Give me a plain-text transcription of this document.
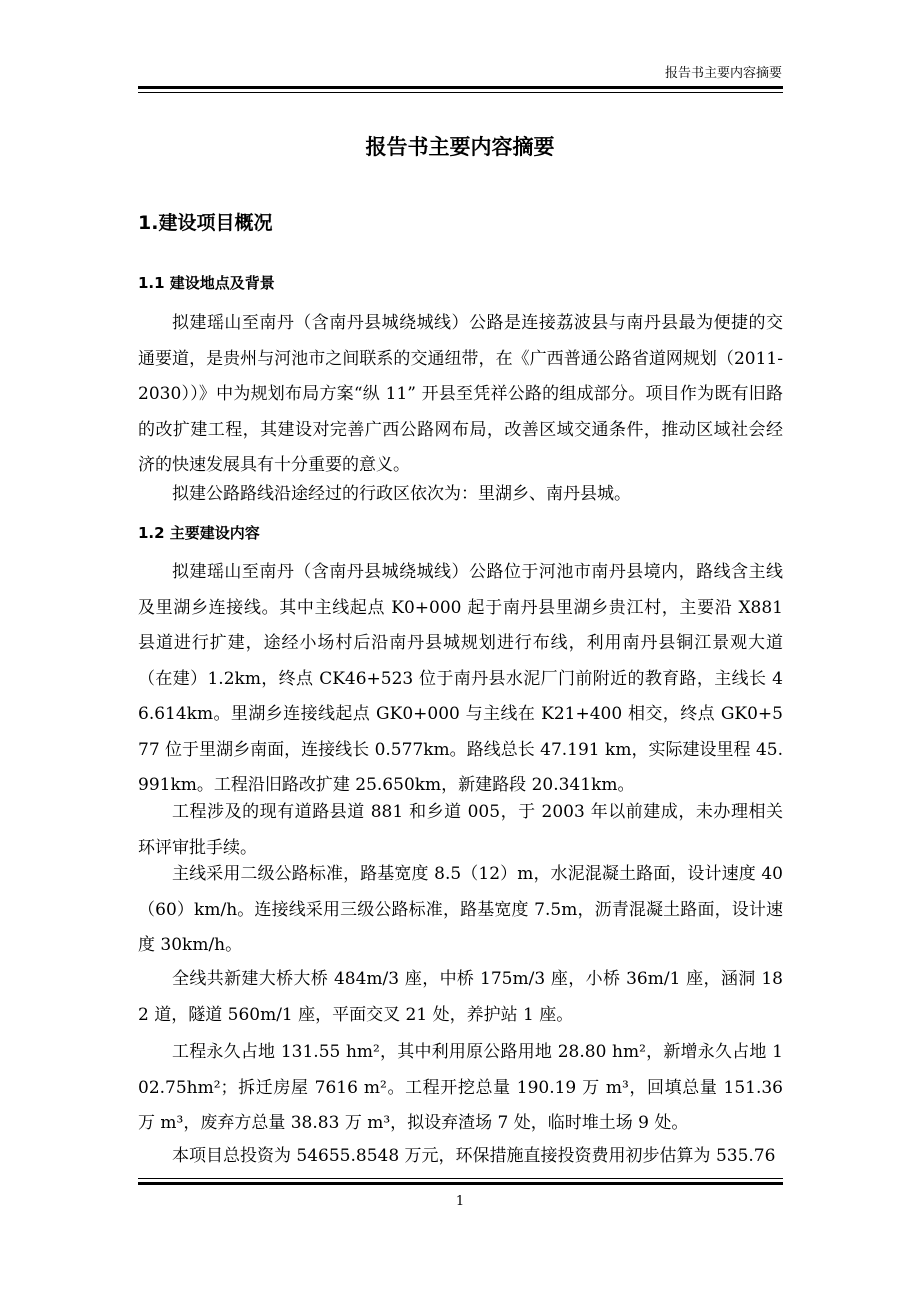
报告书主要内容摘要
报告书主要内容摘要
1.建设项目概况
1.1 建设地点及背景

拟建瑶山至南丹（含南丹县城绕城线）公路是连接荔波县与南丹县最为便捷的交通要道，是贵州与河池市之间联系的交通纽带，在《广西普通公路省道网规划（2011-2030））》中为规划布局方案“纵 11” 开县至凭祥公路的组成部分。项目作为既有旧路的改扩建工程，其建设对完善广西公路网布局，改善区域交通条件，推动区域社会经济的快速发展具有十分重要的意义。

拟建公路路线沿途经过的行政区依次为：里湖乡、南丹县城。

1.2 主要建设内容

拟建瑶山至南丹（含南丹县城绕城线）公路位于河池市南丹县境内，路线含主线及里湖乡连接线。其中主线起点 K0+000 起于南丹县里湖乡贵江村，主要沿 X881 县道进行扩建，途经小场村后沿南丹县城规划进行布线，利用南丹县铜江景观大道（在建）1.2km，终点 CK46+523 位于南丹县水泥厂门前附近的教育路，主线长 46.614km。里湖乡连接线起点 GK0+000 与主线在 K21+400 相交，终点 GK0+577 位于里湖乡南面，连接线长 0.577km。路线总长 47.191 km，实际建设里程 45.991km。工程沿旧路改扩建 25.650km，新建路段 20.341km。

工程涉及的现有道路县道 881 和乡道 005，于 2003 年以前建成，未办理相关环评审批手续。

主线采用二级公路标准，路基宽度 8.5（12）m，水泥混凝土路面，设计速度 40（60）km/h。连接线采用三级公路标准，路基宽度 7.5m，沥青混凝土路面，设计速度 30km/h。

全线共新建大桥大桥 484m/3 座，中桥 175m/3 座，小桥 36m/1 座，涵洞 182 道，隧道 560m/1 座，平面交叉 21 处，养护站 1 座。

工程永久占地 131.55 hm²，其中利用原公路用地 28.80 hm²，新增永久占地 102.75hm²；拆迁房屋 7616 m²。工程开挖总量 190.19 万 m³，回填总量 151.36 万 m³，废弃方总量 38.83 万 m³，拟设弃渣场 7 处，临时堆土场 9 处。

本项目总投资为 54655.8548 万元，环保措施直接投资费用初步估算为 535.76

1
